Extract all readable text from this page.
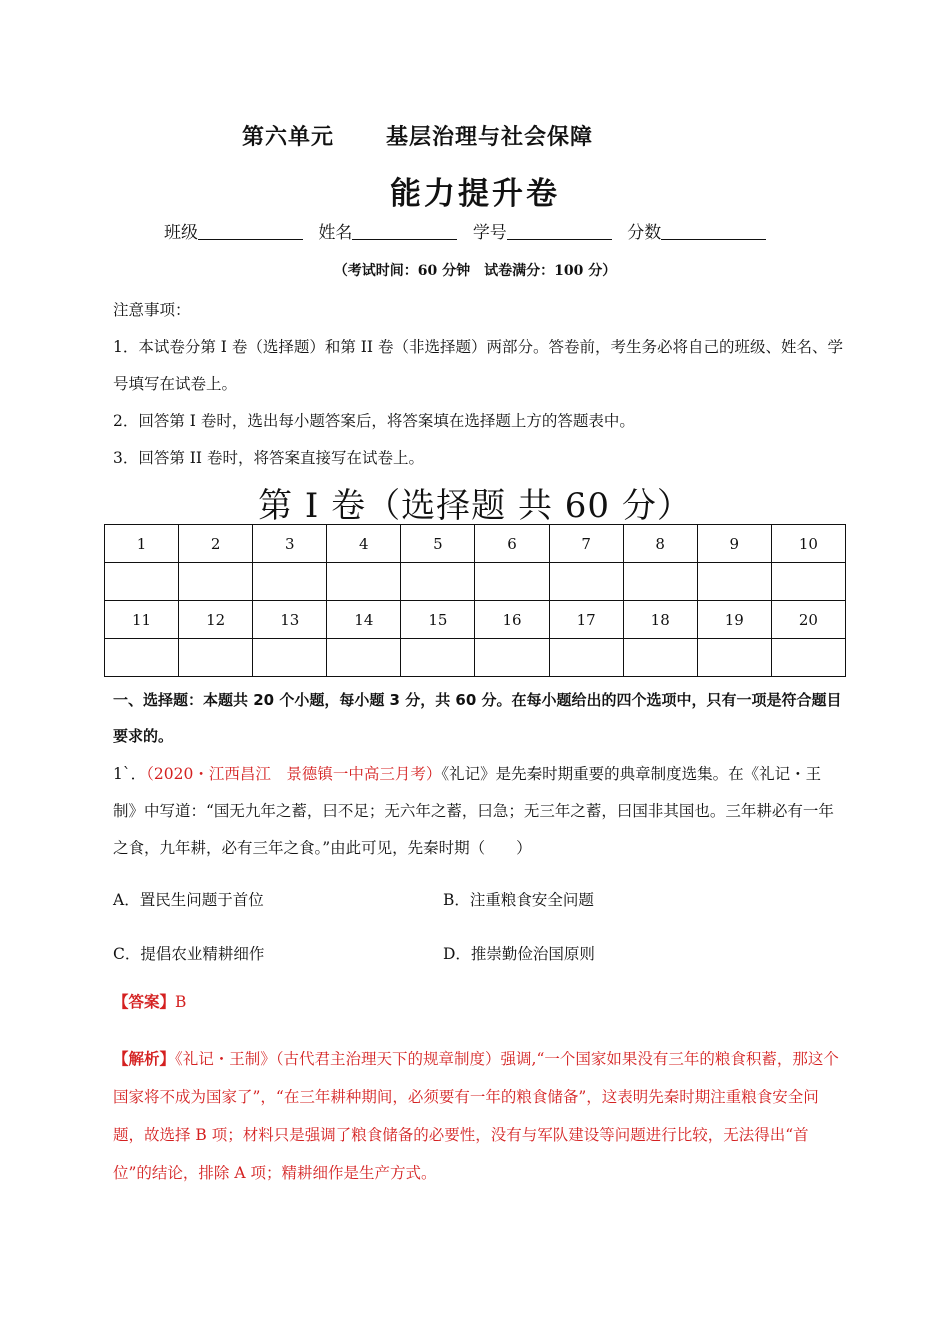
第六单元 基层治理与社会保障
能力提升卷
班级	姓名	学号	分数
（考试时间：60 分钟　试卷满分：100 分）

注意事项：

1．本试卷分第 I 卷（选择题）和第 II 卷（非选择题）两部分。答卷前，考生务必将自己的班级、姓名、学号填写在试卷上。

2．回答第 I 卷时，选出每小题答案后，将答案填在选择题上方的答题表中。

3．回答第 II 卷时，将答案直接写在试卷上。

第 I 卷（选择题 共 60 分）
1	2	3	4	5	6	7	8	9	10

11	12	13	14	15	16	17	18	19	20

一、选择题：本题共 20 个小题，每小题 3 分，共 60 分。在每小题给出的四个选项中，只有一项是符合题目要求的。
1`．（2020・江西昌江　景德镇一中高三月考）《礼记》是先秦时期重要的典章制度选集。在《礼记・王制》中写道：“国无九年之蓄，曰不足；无六年之蓄，曰急；无三年之蓄，曰国非其国也。三年耕必有一年之食，九年耕，必有三年之食。”由此可见，先秦时期（　　）
A．置民生问题于首位	B．注重粮食安全问题
C．提倡农业精耕细作	D．推崇勤俭治国原则
【答案】B
【解析】《礼记・王制》（古代君主治理天下的规章制度）强调,“一个国家如果没有三年的粮食积蓄，那这个国家将不成为国家了”，“在三年耕种期间，必须要有一年的粮食储备”，这表明先秦时期注重粮食安全问题，故选择 B 项；材料只是强调了粮食储备的必要性，没有与军队建设等问题进行比较，无法得出“首位”的结论，排除 A 项；精耕细作是生产方式。
